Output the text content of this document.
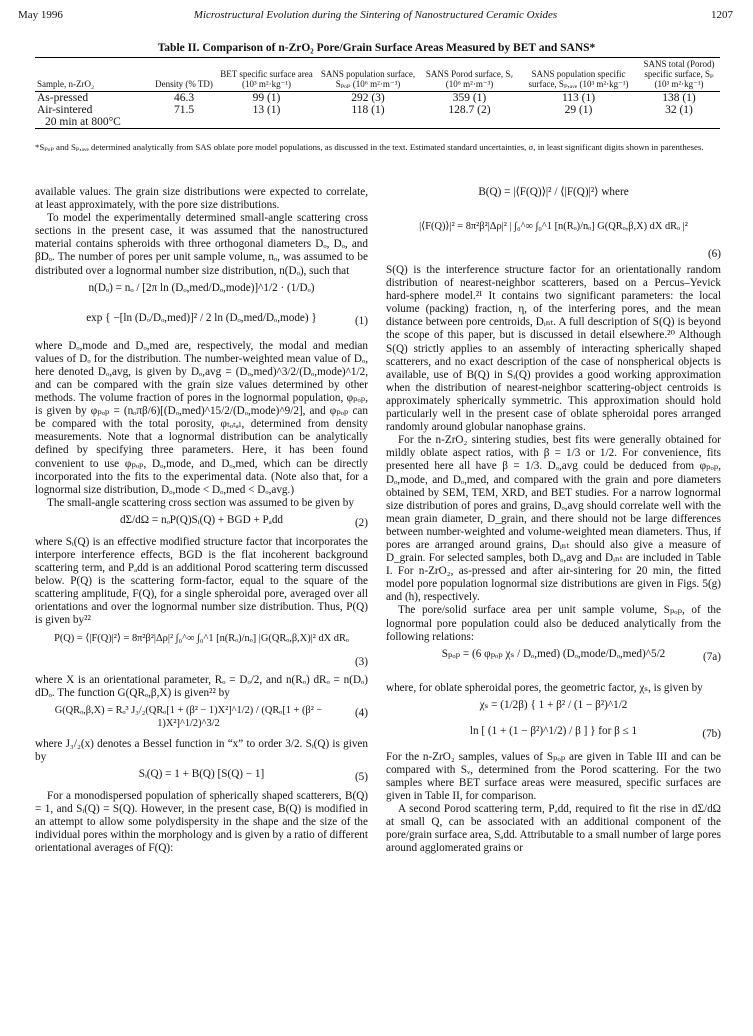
May 1996	Microstructural Evolution during the Sintering of Nanostructured Ceramic Oxides	1207
Table II. Comparison of n-ZrO₂ Pore/Grain Surface Areas Measured by BET and SANS*
Sample, n-ZrO₂	Density (% TD)	BET specific surface area (10³ m²·kg⁻¹)	SANS population surface, Sₚₒₚ (10⁶ m²·m⁻³)	SANS Porod surface, Sᵥ (10⁶ m²·m⁻³)	SANS population specific surface, Sₚ,ₐᵥₑ (10³ m²·kg⁻¹)	SANS total (Porod) specific surface, Sₚ (10³ m²·kg⁻¹)
As-pressed	46.3	99 (1)	292 (3)	359 (1)	113 (1)	138 (1)
Air-sintered	71.5	13 (1)	118 (1)	128.7 (2)	29 (1)	32 (1)
20 min at 800°C						
*Sₚₒₚ and Sₚ,ₐᵥₑ determined analytically from SAS oblate pore model populations, as discussed in the text. Estimated standard uncertainties, σ, in least significant digits shown in parentheses.

available values. The grain size distributions were expected to correlate, at least approximately, with the pore size distributions.

To model the experimentally determined small-angle scattering cross sections in the present case, it was assumed that the nanostructured material contains spheroids with three orthogonal diameters Dₒ, Dₒ, and βDₒ. The number of pores per unit sample volume, nₒ, was assumed to be distributed over a lognormal number size distribution, n(Dₒ), such that

n(Dₒ) = nₒ / [2π ln (Dₒ,med/Dₒ,mode)]^1/2 · (1/Dₒ)
exp { −[ln (Dₒ/Dₒ,med)]² / 2 ln (Dₒ,med/Dₒ,mode) }	(1)

where Dₒ,mode and Dₒ,med are, respectively, the modal and median values of Dₒ for the distribution. The number-weighted mean value of Dₒ, here denoted Dₒ,avg, is given by Dₒ,avg = (Dₒ,med)^3/2/(Dₒ,mode)^1/2, and can be compared with the grain size values determined by other methods. The volume fraction of pores in the lognormal population, φₚₒₚ, is given by φₚₒₚ = (nₒπβ/6)[(Dₒ,med)^15/2/(Dₒ,mode)^9/2], and φₚₒₚ can be compared with the total porosity, φₜₒₜₐₗ, determined from density measurements. Note that a lognormal distribution can be analytically defined by specifying three parameters. Here, it has been found convenient to use φₚₒₚ, Dₒ,mode, and Dₒ,med, which can be directly incorporated into the fits to the experimental data. (Note also that, for a lognormal size distribution, Dₒ,mode < Dₒ,med < Dₒ,avg.)

The small-angle scattering cross section was assumed to be given by

dΣ/dΩ = nₒP(Q)Sᵢ(Q) + BGD + Pₐdd	(2)

where Sᵢ(Q) is an effective modified structure factor that incorporates the interpore interference effects, BGD is the flat incoherent background scattering term, and Pₐdd is an additional Porod scattering term discussed below. P(Q) is the scattering form-factor, equal to the square of the scattering amplitude, F(Q), for a single spheroidal pore, averaged over all orientations and over the lognormal number size distribution. Thus, P(Q) is given by²²

P(Q) = ⟨|F(Q)|²⟩ = 8π²β²|Δρ|² ∫₀^∞ ∫₀^1 [n(Rₒ)/nₒ] |G(QRₒ,β,X)|² dX dRₒ
(3)

where X is an orientational parameter, Rₒ = Dₒ/2, and n(Rₒ) dRₒ = n(Dₒ) dDₒ. The function G(QRₒ,β,X) is given²² by

G(QRₒ,β,X) = Rₒ³ J₃/₂(QRₒ[1 + (β² − 1)X²]^1/2) / (QRₒ[1 + (β² − 1)X²]^1/2)^3/2
(4)

where J₃/₂(x) denotes a Bessel function in “x” to order 3/2. Sᵢ(Q) is given by

Sᵢ(Q) = 1 + B(Q) [S(Q) − 1]	(5)

For a monodispersed population of spherically shaped scatterers, B(Q) = 1, and Sᵢ(Q) = S(Q). However, in the present case, B(Q) is modified in an attempt to allow some polydispersity in the shape and the size of the individual pores within the morphology and is given by a ratio of different orientational averages of F(Q):

B(Q) = |⟨F(Q)⟩|² / ⟨|F(Q)|²⟩ where
|⟨F(Q)⟩|² = 8π²β²|Δρ|² | ∫₀^∞ ∫₀^1 [n(Rₒ)/nₒ] G(QRₒ,β,X) dX dRₒ |²
(6)

S(Q) is the interference structure factor for an orientationally random distribution of nearest-neighbor scatterers, based on a Percus–Yevick hard-sphere model.²¹ It contains two significant parameters: the local volume (packing) fraction, η, of the interfering pores, and the mean distance between pore centroids, Dᵢₙₜ. A full description of S(Q) is beyond the scope of this paper, but is discussed in detail elsewhere.²⁰ Although S(Q) strictly applies to an assembly of interacting spherically shaped scatterers, and no exact description of the case of nonspherical objects is available, use of B(Q) in Sᵢ(Q) provides a good working approximation when the distribution of nearest-neighbor scattering-object centroids is approximately spherically symmetric. This approximation should hold particularly well in the present case of oblate spheroidal pores arranged randomly around globular nanophase grains.

For the n-ZrO₂ sintering studies, best fits were generally obtained for mildly oblate aspect ratios, with β = 1/3 or 1/2. For convenience, fits presented here all have β = 1/3. Dₒ,avg could be deduced from φₚₒₚ, Dₒ,mode, and Dₒ,med, and compared with the grain and pore diameters obtained by SEM, TEM, XRD, and BET studies. For a narrow lognormal size distribution of pores and grains, Dₒ,avg should correlate well with the mean grain diameter, D_grain, and there should not be large differences between number-weighted and volume-weighted mean diameters. Thus, if pores are arranged around grains, Dᵢₙₜ should also give a measure of D_grain. For selected samples, both Dₒ,avg and Dᵢₙₜ are included in Table I. For n-ZrO₂, as-pressed and after air-sintering for 20 min, the fitted model pore population lognormal size distributions are given in Figs. 5(g) and (h), respectively.

The pore/solid surface area per unit sample volume, Sₚₒₚ, of the lognormal pore population could also be deduced analytically from the following relations:

Sₚₒₚ = (6 φₚₒₚ χₛ / Dₒ,med) (Dₒ,mode/Dₒ,med)^5/2	(7a)

where, for oblate spheroidal pores, the geometric factor, χₛ, is given by

χₛ = (1/2β) { 1 + β² / (1 − β²)^1/2
ln [ (1 + (1 − β²)^1/2) / β ] } for β ≤ 1	(7b)

For the n-ZrO₂ samples, values of Sₚₒₚ are given in Table III and can be compared with Sᵥ, determined from the Porod scattering. For the two samples where BET surface areas were measured, specific surfaces are given in Table II, for comparison.

A second Porod scattering term, Pₐdd, required to fit the rise in dΣ/dΩ at small Q, can be associated with an additional component of the pore/grain surface area, Sₐdd. Attributable to a small number of large pores around agglomerated grains or
